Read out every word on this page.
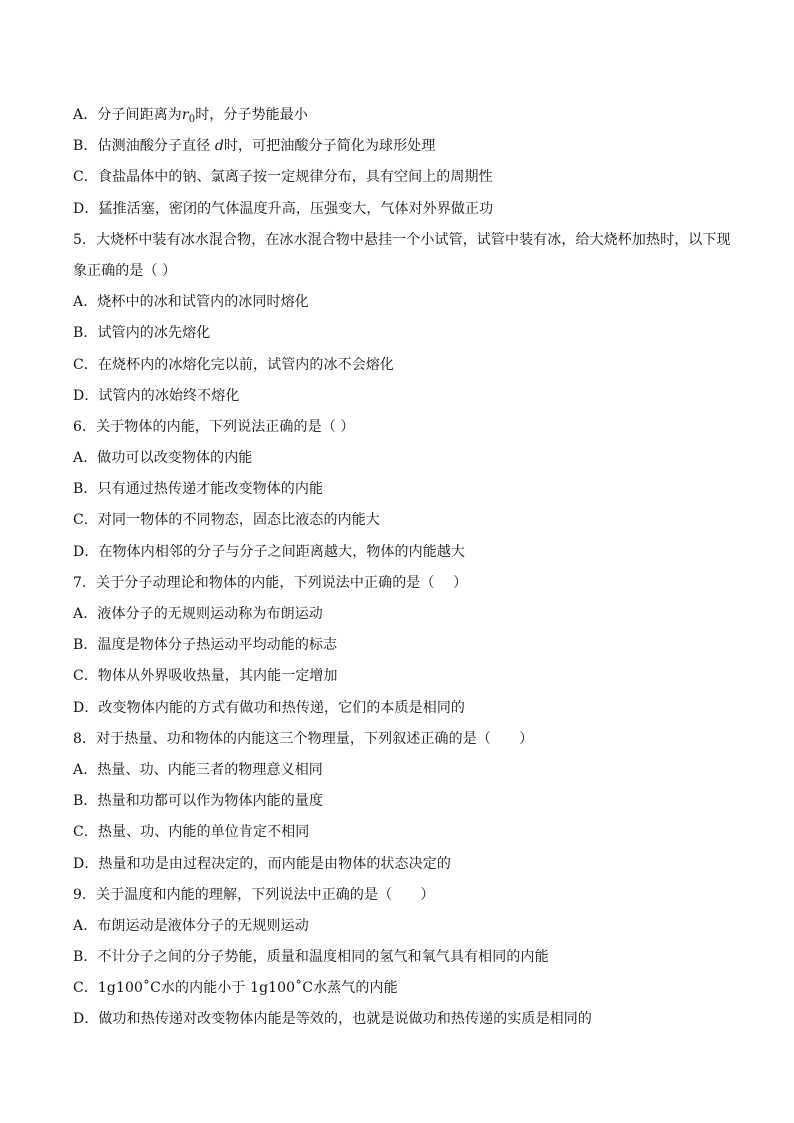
A．分子间距离为$r_0$时，分子势能最小
B．估测油酸分子直径 d时，可把油酸分子简化为球形处理
C．食盐晶体中的钠、氯离子按一定规律分布，具有空间上的周期性
D．猛推活塞，密闭的气体温度升高，压强变大，气体对外界做正功
5．大烧杯中装有冰水混合物，在冰水混合物中悬挂一个小试管，试管中装有冰，给大烧杯加热时，以下现象正确的是（ ）
A．烧杯中的冰和试管内的冰同时熔化
B．试管内的冰先熔化
C．在烧杯内的冰熔化完以前，试管内的冰不会熔化
D．试管内的冰始终不熔化
6．关于物体的内能，下列说法正确的是（ ）
A．做功可以改变物体的内能
B．只有通过热传递才能改变物体的内能
C．对同一物体的不同物态，固态比液态的内能大
D．在物体内相邻的分子与分子之间距离越大，物体的内能越大
7．关于分子动理论和物体的内能，下列说法中正确的是（　 ）
A．液体分子的无规则运动称为布朗运动
B．温度是物体分子热运动平均动能的标志
C．物体从外界吸收热量，其内能一定增加
D．改变物体内能的方式有做功和热传递，它们的本质是相同的
8．对于热量、功和物体的内能这三个物理量，下列叙述正确的是（　　）
A．热量、功、内能三者的物理意义相同
B．热量和功都可以作为物体内能的量度
C．热量、功、内能的单位肯定不相同
D．热量和功是由过程决定的，而内能是由物体的状态决定的
9．关于温度和内能的理解，下列说法中正确的是（　　）
A．布朗运动是液体分子的无规则运动
B．不计分子之间的分子势能，质量和温度相同的氢气和氧气具有相同的内能
C．1g100˚C水的内能小于 1g100˚C水蒸气的内能
D．做功和热传递对改变物体内能是等效的，也就是说做功和热传递的实质是相同的
